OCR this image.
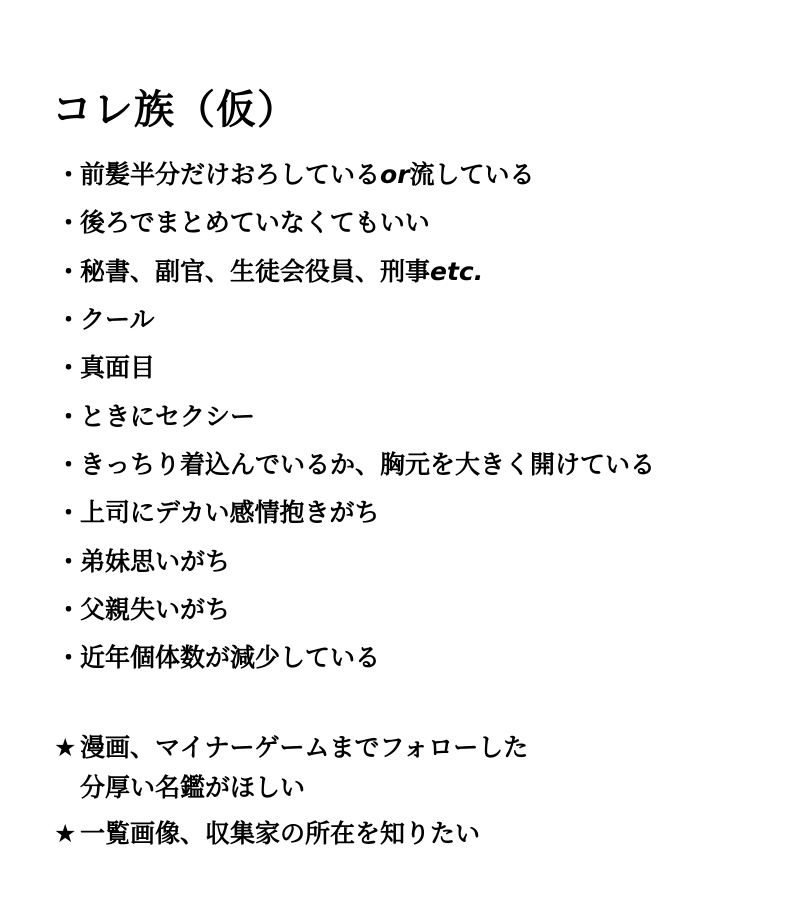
コレ族（仮）
・
前髪半分だけおろしている or 流している
・
後ろでまとめていなくてもいい
・
秘書、副官、生徒会役員、刑事 etc.
・
クール
・
真面目
・
ときにセクシー
・
きっちり着込んでいるか、胸元を大きく開けている
・
上司にデカい感情抱きがち
・
弟妹思いがち
・
父親失いがち
・
近年個体数が減少している
★ 漫画、マイナーゲームまでフォローした
分厚い名鑑がほしい
★ 一覧画像、収集家の所在を知りたい
